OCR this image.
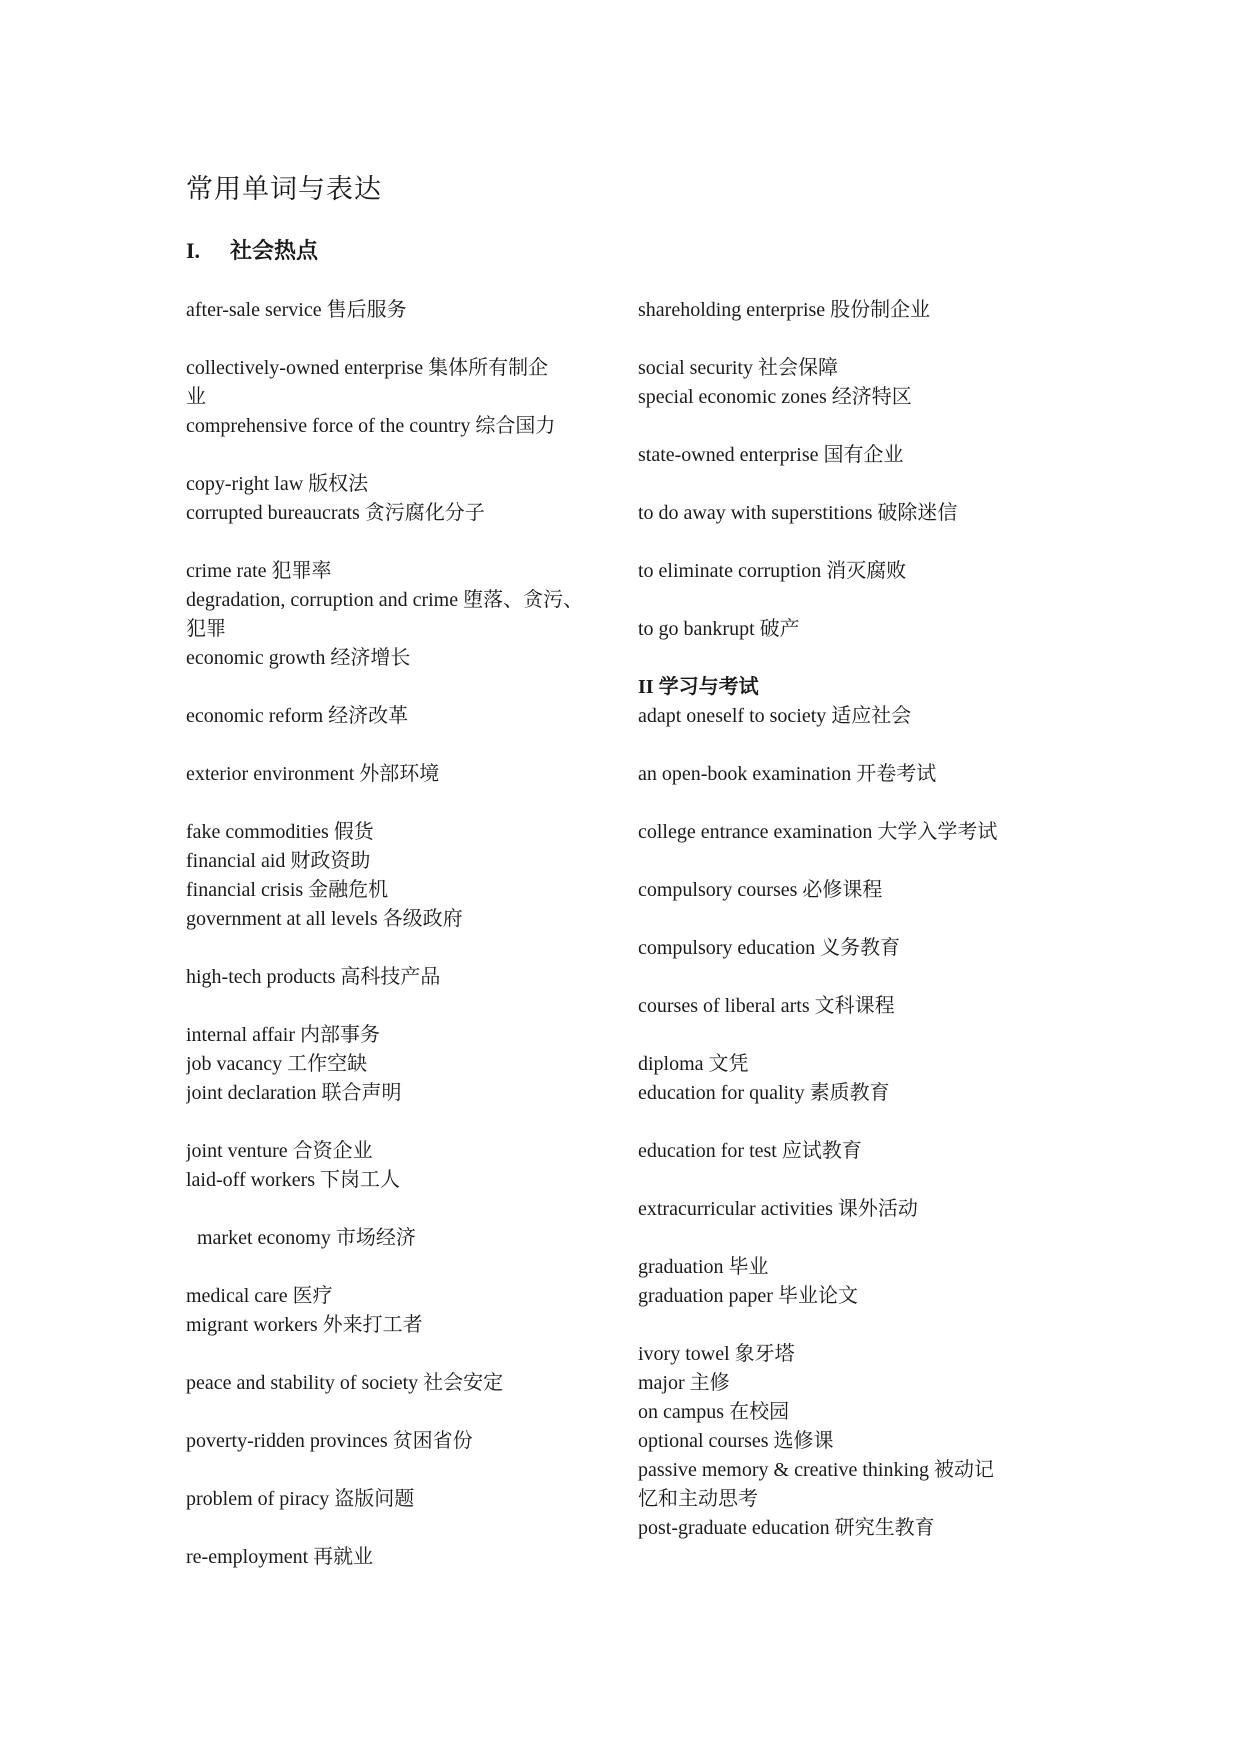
常用单词与表达
I. 社会热点
after-sale service 售后服务
collectively-owned enterprise 集体所有制企
业
comprehensive force of the country 综合国力
copy-right law 版权法
corrupted bureaucrats 贪污腐化分子
crime rate 犯罪率
degradation, corruption and crime 堕落、贪污、
犯罪
economic growth 经济增长
economic reform 经济改革
exterior environment 外部环境
fake commodities 假货
financial aid 财政资助
financial crisis 金融危机
government at all levels 各级政府
high-tech products 高科技产品
internal affair 内部事务
job vacancy 工作空缺
joint declaration 联合声明
joint venture 合资企业
laid-off workers 下岗工人
market economy 市场经济
medical care 医疗
migrant workers 外来打工者
peace and stability of society 社会安定
poverty-ridden provinces 贫困省份
problem of piracy 盗版问题
re-employment 再就业
shareholding enterprise 股份制企业
social security 社会保障
special economic zones 经济特区
state-owned enterprise 国有企业
to do away with superstitions 破除迷信
to eliminate corruption 消灭腐败
to go bankrupt 破产
II 学习与考试
adapt oneself to society 适应社会
an open-book examination 开卷考试
college entrance examination 大学入学考试
compulsory courses 必修课程
compulsory education 义务教育
courses of liberal arts 文科课程
diploma 文凭
education for quality 素质教育
education for test 应试教育
extracurricular activities 课外活动
graduation 毕业
graduation paper 毕业论文
ivory towel 象牙塔
major 主修
on campus 在校园
optional courses 选修课
passive memory & creative thinking 被动记
忆和主动思考
post-graduate education 研究生教育
